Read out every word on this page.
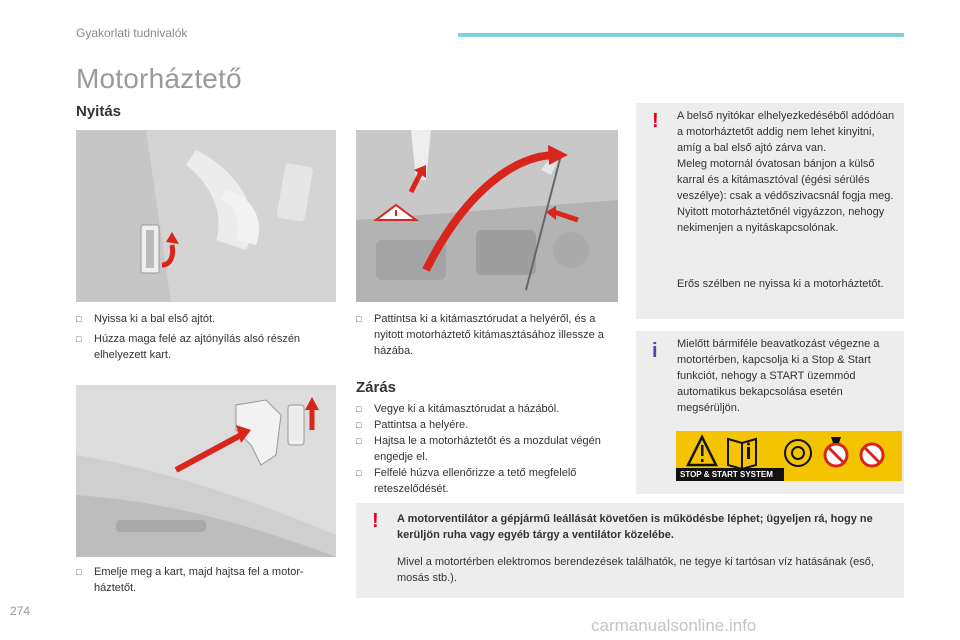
Gyakorlati tudnivalók
Motorháztető
Nyitás
□ Nyissa ki a bal első ajtót.
□ Húzza maga felé az ajtónyílás alsó részén elhelyezett kart.
□ Emelje meg a kart, majd hajtsa fel a motor-háztetőt.
□ Pattintsa ki a kitámasztórudat a helyéről, és a nyitott motorháztető kitámasztásához illessze a házába.
Zárás
□ Vegye ki a kitámasztórudat a házából.
□ Pattintsa a helyére.
□ Hajtsa le a motorháztetőt és a mozdulat végén engedje el.
□ Felfelé húzva ellenőrizze a tető megfelelő reteszelődését.
! A belső nyitókar elhelyezkedéséből adódóan a motorháztetőt addig nem lehet kinyitni, amíg a bal első ajtó zárva van.
Meleg motornál óvatosan bánjon a külső karral és a kitámasztóval (égési sérülés veszélye): csak a védőszivacsnál fogja meg.
Nyitott motorháztetőnél vigyázzon, nehogy nekimenjen a nyitáskapcsolónak.
Erős szélben ne nyissa ki a motorháztetőt.
i Mielőtt bármiféle beavatkozást végezne a motortérben, kapcsolja ki a Stop & Start funkciót, nehogy a START üzemmód automatikus bekapcsolása esetén megsérüljön.
STOP & START SYSTEM
! A motorventilátor a gépjármű leállását követően is működésbe léphet; ügyeljen rá, hogy ne kerüljön ruha vagy egyéb tárgy a ventilátor közelébe.
Mivel a motortérben elektromos berendezések találhatók, ne tegye ki tartósan víz hatásának (eső, mosás stb.).
274
carmanualsonline.info
